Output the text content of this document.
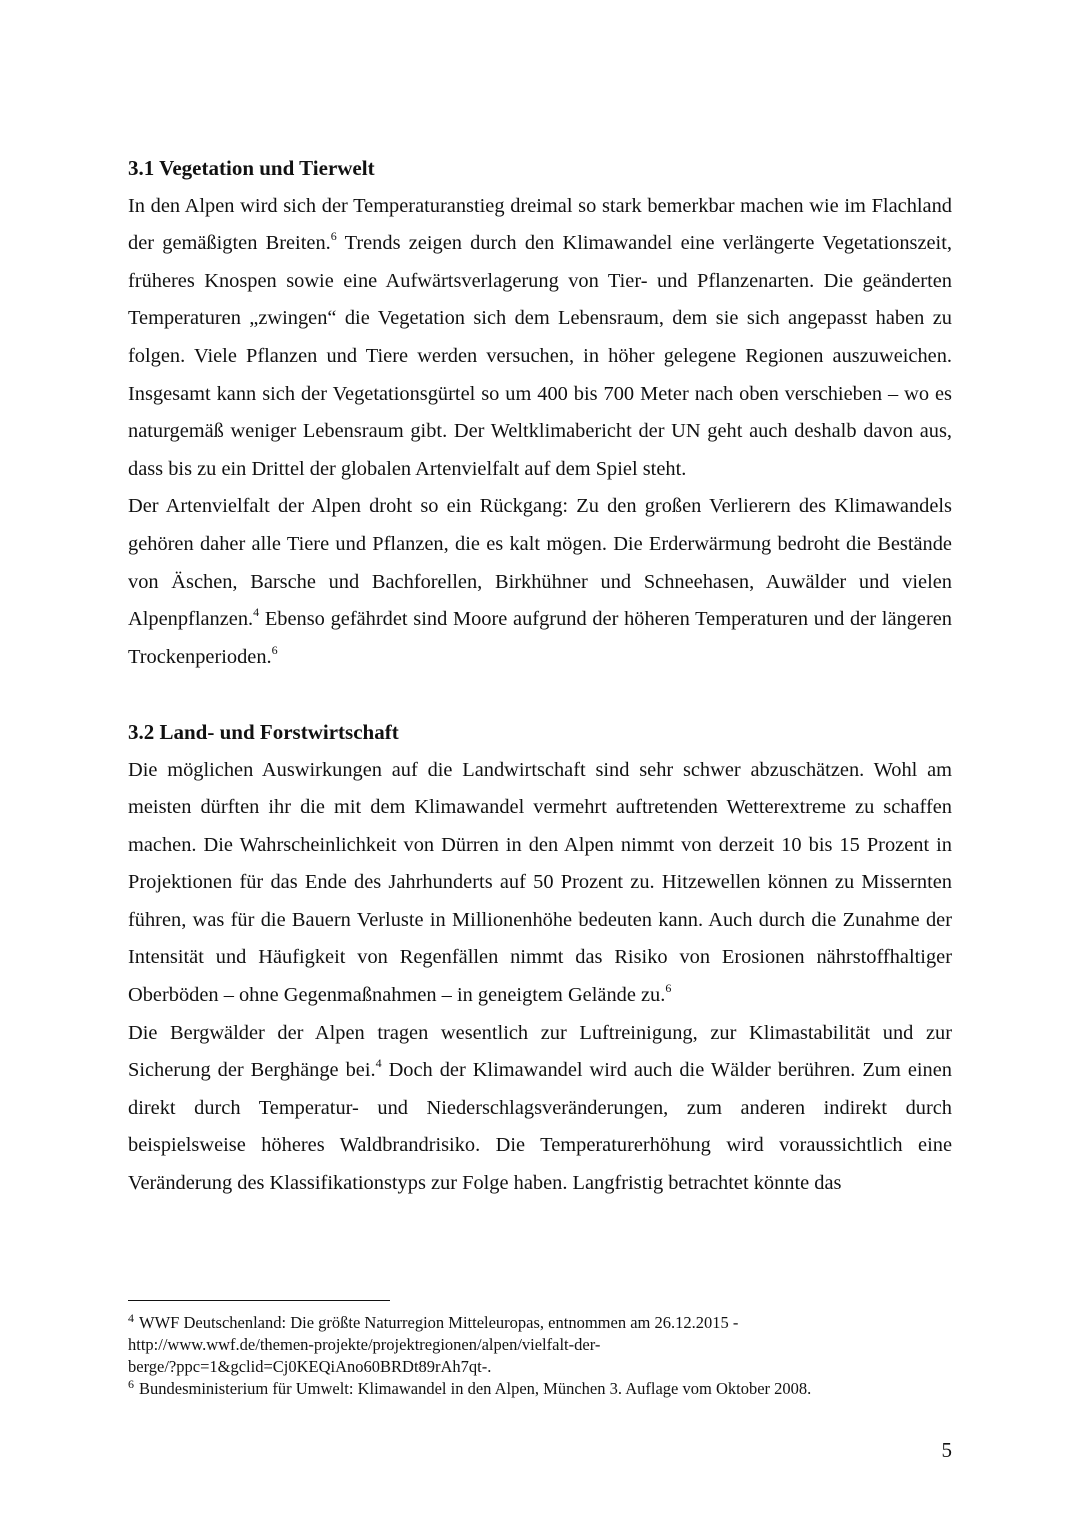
3.1 Vegetation und Tierwelt

In den Alpen wird sich der Temperaturanstieg dreimal so stark bemerkbar machen wie im Flachland der gemäßigten Breiten.$^6$ Trends zeigen durch den Klimawandel eine verlängerte Vegetationszeit, früheres Knospen sowie eine Aufwärtsverlagerung von Tier- und Pflanzenarten. Die geänderten Temperaturen „zwingen“ die Vegetation sich dem Lebensraum, dem sie sich angepasst haben zu folgen. Viele Pflanzen und Tiere werden versuchen, in höher gelegene Regionen auszuweichen. Insgesamt kann sich der Vegetationsgürtel so um 400 bis 700 Meter nach oben verschieben – wo es naturgemäß weniger Lebensraum gibt. Der Weltklimabericht der UN geht auch deshalb davon aus, dass bis zu ein Drittel der globalen Artenvielfalt auf dem Spiel steht.

Der Artenvielfalt der Alpen droht so ein Rückgang: Zu den großen Verlierern des Klimawandels gehören daher alle Tiere und Pflanzen, die es kalt mögen. Die Erderwärmung bedroht die Bestände von Äschen, Barsche und Bachforellen, Birkhühner und Schneehasen, Auwälder und vielen Alpenpflanzen.$^4$ Ebenso gefährdet sind Moore aufgrund der höheren Temperaturen und der längeren Trockenperioden.$^6$

3.2 Land- und Forstwirtschaft

Die möglichen Auswirkungen auf die Landwirtschaft sind sehr schwer abzuschätzen. Wohl am meisten dürften ihr die mit dem Klimawandel vermehrt auftretenden Wetterextreme zu schaffen machen. Die Wahrscheinlichkeit von Dürren in den Alpen nimmt von derzeit 10 bis 15 Prozent in Projektionen für das Ende des Jahrhunderts auf 50 Prozent zu. Hitzewellen können zu Missernten führen, was für die Bauern Verluste in Millionenhöhe bedeuten kann. Auch durch die Zunahme der Intensität und Häufigkeit von Regenfällen nimmt das Risiko von Erosionen nährstoffhaltiger Oberböden – ohne Gegenmaßnahmen – in geneigtem Gelände zu.$^6$

Die Bergwälder der Alpen tragen wesentlich zur Luftreinigung, zur Klimastabilität und zur Sicherung der Berghänge bei.$^4$ Doch der Klimawandel wird auch die Wälder berühren. Zum einen direkt durch Temperatur- und Niederschlagsveränderungen, zum anderen indirekt durch beispielsweise höheres Waldbrandrisiko. Die Temperaturerhöhung wird voraussichtlich eine Veränderung des Klassifikationstyps zur Folge haben. Langfristig betrachtet könnte das

$^4$ WWF Deutschenland: Die größte Naturregion Mitteleuropas, entnommen am 26.12.2015 -
http://www.wwf.de/themen-projekte/projektregionen/alpen/vielfalt-der-
berge/?ppc=1&gclid=Cj0KEQiAno60BRDt89rAh7qt-.

$^6$ Bundesministerium für Umwelt: Klimawandel in den Alpen, München 3. Auflage vom Oktober 2008.

5
